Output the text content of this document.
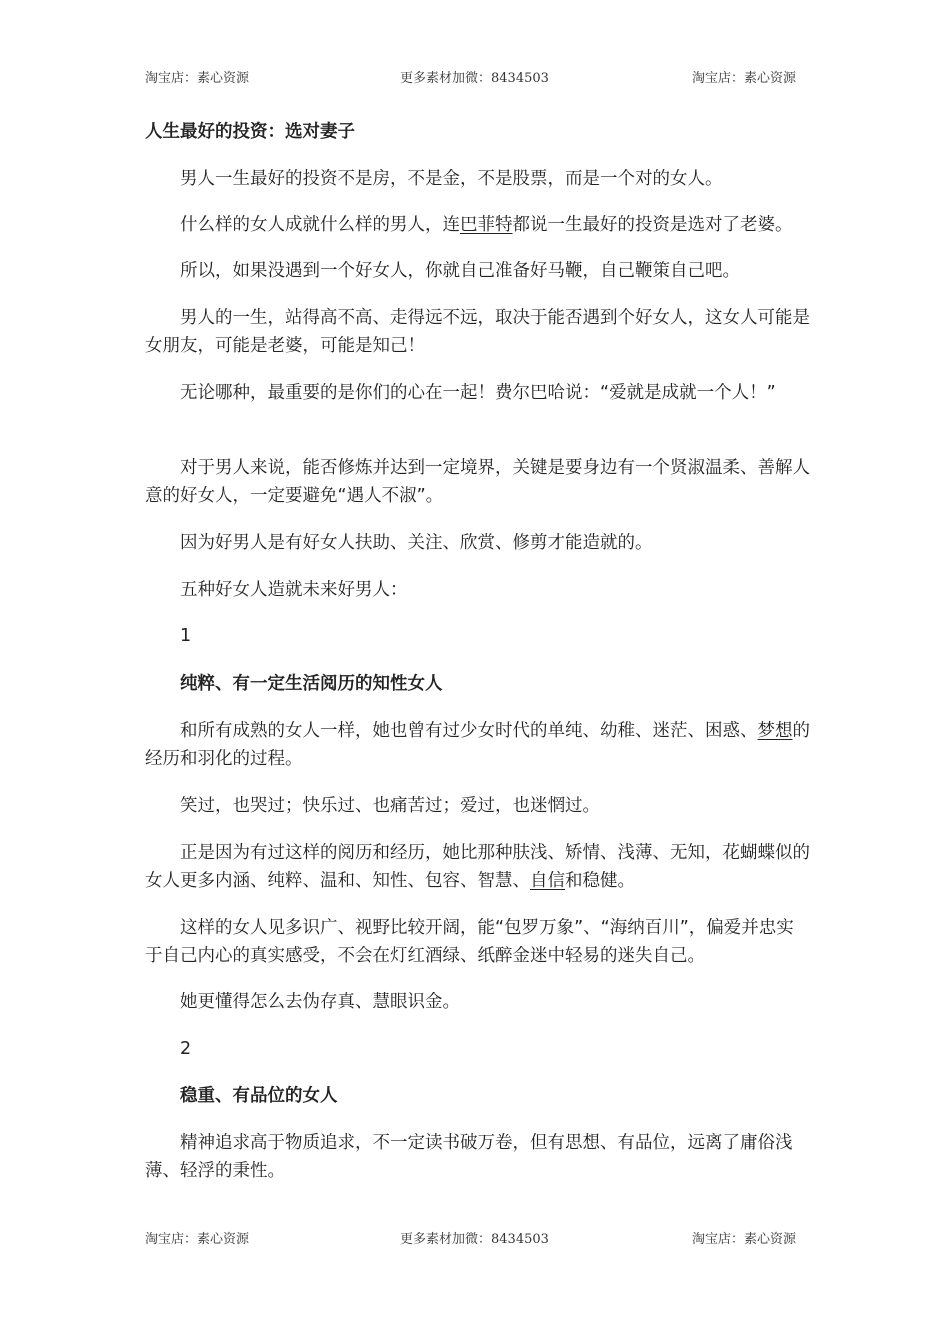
淘宝店：素心资源	更多素材加微：8434503	淘宝店：素心资源
人生最好的投资：选对妻子

男人一生最好的投资不是房，不是金，不是股票，而是一个对的女人。

什么样的女人成就什么样的男人，连巴菲特都说一生最好的投资是选对了老婆。

所以，如果没遇到一个好女人，你就自己准备好马鞭，自己鞭策自己吧。

男人的一生，站得高不高、走得远不远，取决于能否遇到个好女人，这女人可能是女朋友，可能是老婆，可能是知己！

无论哪种，最重要的是你们的心在一起！费尔巴哈说：“爱就是成就一个人！”

对于男人来说，能否修炼并达到一定境界，关键是要身边有一个贤淑温柔、善解人意的好女人，一定要避免“遇人不淑”。

因为好男人是有好女人扶助、关注、欣赏、修剪才能造就的。

五种好女人造就未来好男人：

1

纯粹、有一定生活阅历的知性女人

和所有成熟的女人一样，她也曾有过少女时代的单纯、幼稚、迷茫、困惑、梦想的经历和羽化的过程。

笑过，也哭过；快乐过、也痛苦过；爱过，也迷惘过。

正是因为有过这样的阅历和经历，她比那种肤浅、矫情、浅薄、无知，花蝴蝶似的女人更多内涵、纯粹、温和、知性、包容、智慧、自信和稳健。

这样的女人见多识广、视野比较开阔，能“包罗万象”、“海纳百川”，偏爱并忠实于自己内心的真实感受，不会在灯红酒绿、纸醉金迷中轻易的迷失自己。

她更懂得怎么去伪存真、慧眼识金。

2

稳重、有品位的女人

精神追求高于物质追求，不一定读书破万卷，但有思想、有品位，远离了庸俗浅薄、轻浮的秉性。

淘宝店：素心资源	更多素材加微：8434503	淘宝店：素心资源
